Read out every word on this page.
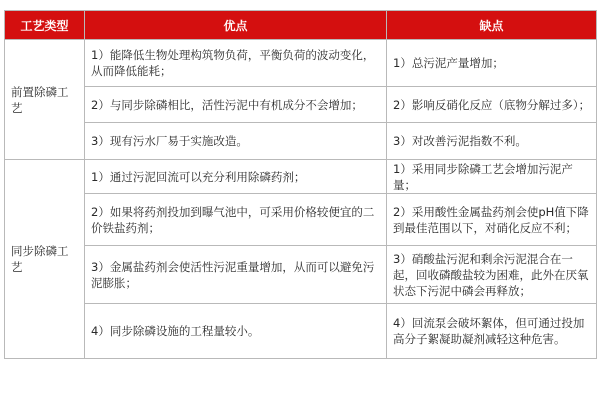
工艺类型	优点	缺点
前置除磷工艺	1）能降低生物处理构筑物负荷，平衡负荷的波动变化，从而降低能耗；	1）总污泥产量增加；
	2）与同步除磷相比，活性污泥中有机成分不会增加；	2）影响反硝化反应（底物分解过多）；
	3）现有污水厂易于实施改造。	3）对改善污泥指数不利。
同步除磷工艺	1）通过污泥回流可以充分利用除磷药剂；	1）采用同步除磷工艺会增加污泥产量；
	2）如果将药剂投加到曝气池中，可采用价格较便宜的二价铁盐药剂；	2）采用酸性金属盐药剂会使pH值下降到最佳范围以下，对硝化反应不利；
	3）金属盐药剂会使活性污泥重量增加，从而可以避免污泥膨胀；	3）硝酸盐污泥和剩余污泥混合在一起，回收磷酸盐较为困难，此外在厌氧状态下污泥中磷会再释放；
	4）同步除磷设施的工程量较小。	4）回流泵会破坏絮体，但可通过投加高分子絮凝助凝剂减轻这种危害。
